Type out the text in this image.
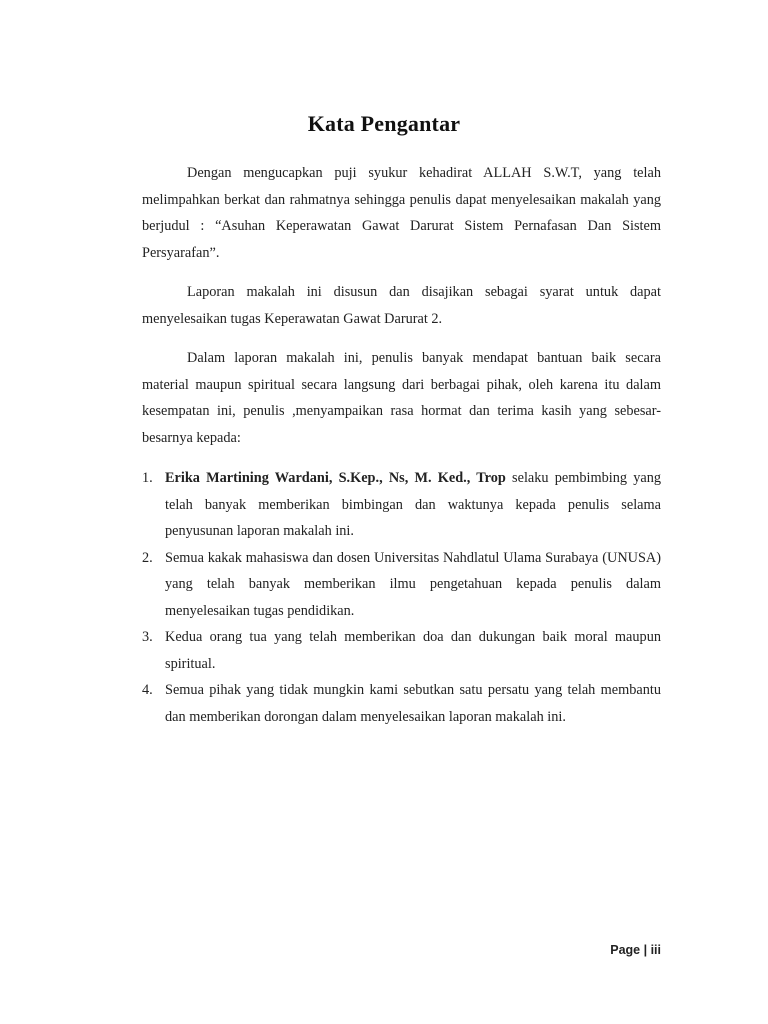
Kata Pengantar

Dengan mengucapkan puji syukur kehadirat ALLAH S.W.T, yang telah melimpahkan berkat dan rahmatnya sehingga penulis dapat menyelesaikan makalah yang berjudul : “Asuhan Keperawatan Gawat Darurat Sistem Pernafasan Dan Sistem Persyarafan”.

Laporan makalah ini disusun dan disajikan sebagai syarat untuk dapat menyelesaikan tugas Keperawatan Gawat Darurat 2.

Dalam laporan makalah ini, penulis banyak mendapat bantuan baik secara material maupun spiritual secara langsung dari berbagai pihak, oleh karena itu dalam kesempatan ini, penulis ,menyampaikan rasa hormat dan terima kasih yang sebesar-besarnya kepada:

1. Erika Martining Wardani, S.Kep., Ns, M. Ked., Trop selaku pembimbing yang telah banyak memberikan bimbingan dan waktunya kepada penulis selama penyusunan laporan makalah ini.
2. Semua kakak mahasiswa dan dosen Universitas Nahdlatul Ulama Surabaya (UNUSA) yang telah banyak memberikan ilmu pengetahuan kepada penulis dalam menyelesaikan tugas pendidikan.
3. Kedua orang tua yang telah memberikan doa dan dukungan baik moral maupun spiritual.
4. Semua pihak yang tidak mungkin kami sebutkan satu persatu yang telah membantu dan memberikan dorongan dalam menyelesaikan laporan makalah ini.
Page | iii
